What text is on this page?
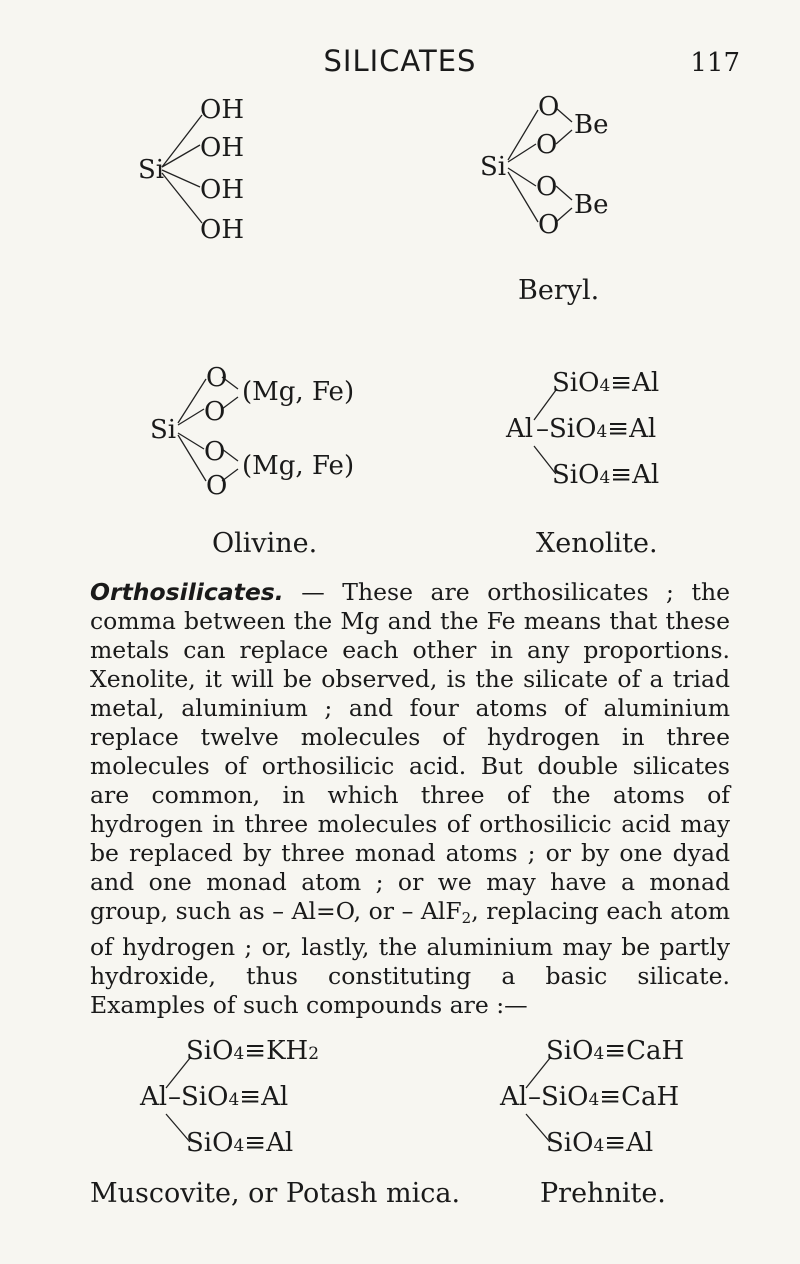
SILICATES	117
Si
OH
OH
OH
OH
Si
O
O
O
O
Be
Be
Beryl.
Si
O
O
O
O
(Mg, Fe)
(Mg, Fe)
Olivine.
Al
SiO4≡Al
–SiO4≡Al
SiO4≡Al
Xenolite.
Orthosilicates. — These are orthosilicates ; the comma between the Mg and the Fe means that these metals can replace each other in any proportions. Xenolite, it will be observed, is the silicate of a triad metal, aluminium ; and four atoms of aluminium replace twelve molecules of hydrogen in three molecules of orthosilicic acid. But double silicates are common, in which three of the atoms of hydrogen in three molecules of orthosilicic acid may be replaced by three monad atoms ; or by one dyad and one monad atom ; or we may have a monad group, such as – Al=O, or – AlF$_2$, replacing each atom of hydrogen ; or, lastly, the aluminium may be partly hydroxide, thus constituting a basic silicate. Examples of such compounds are :—
Al
SiO4≡KH2
–SiO4≡Al
SiO4≡Al
Muscovite, or Potash mica.
Al
SiO4≡CaH
–SiO4≡CaH
SiO4≡Al
Prehnite.
